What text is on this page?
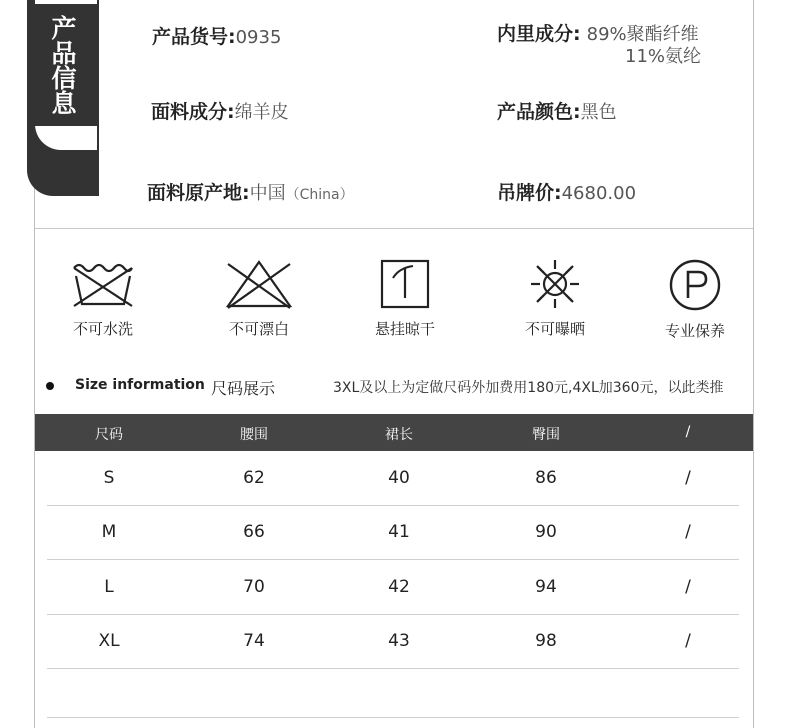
产品信息	产品货号:0935	内里成分: 89%聚酯纤维
11%氨纶
面料成分:绵羊皮	产品颜色:黑色
面料原产地:中国（China）	吊牌价:4680.00
不可水洗	不可漂白	悬挂晾干	不可曝晒	专业保养
Size information 尺码展示	3XL及以上为定做尺码外加费用180元,4XL加360元，以此类推
尺码	腰围	裙长	臀围	/
S	62	40	86	/
M	66	41	90	/
L	70	42	94	/
XL	74	43	98	/
